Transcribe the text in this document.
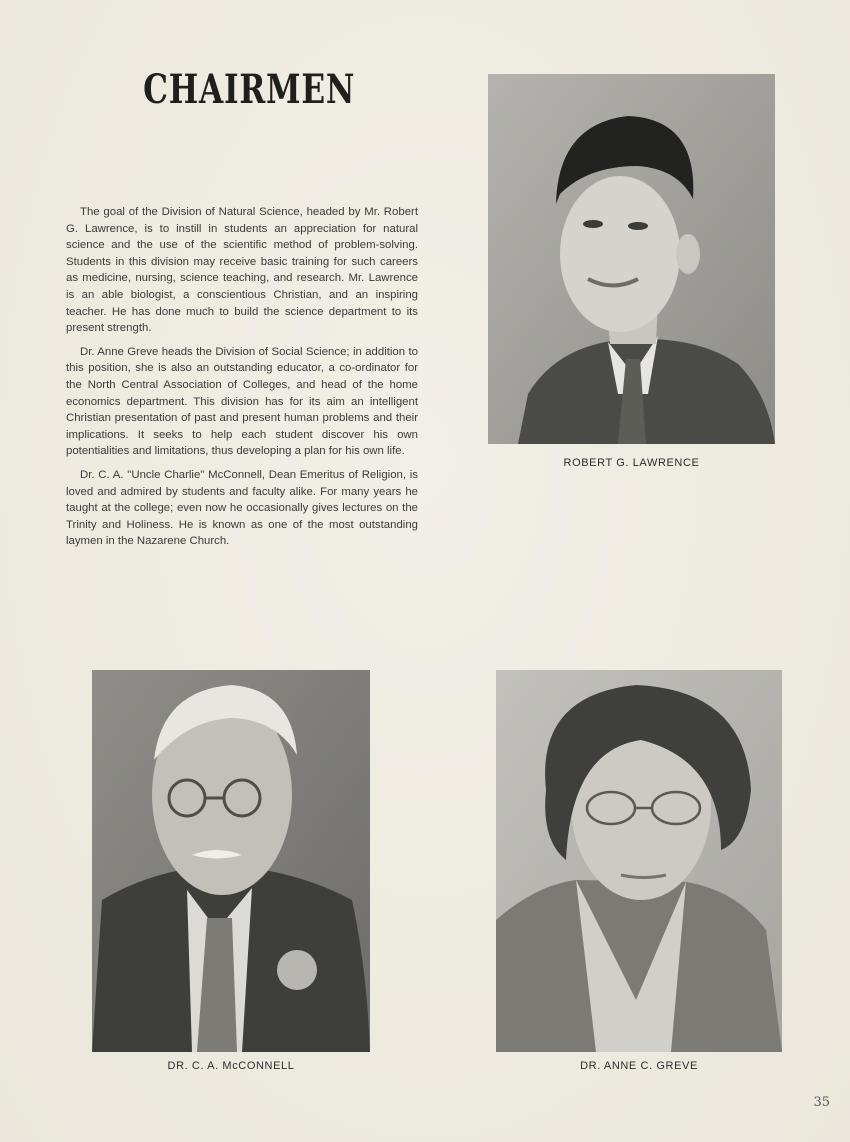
CHAIRMEN

The goal of the Division of Natural Science, headed by Mr. Robert G. Lawrence, is to instill in students an appreciation for natural science and the use of the scientific method of problem-solving. Students in this division may receive basic training for such careers as medicine, nursing, science teaching, and research. Mr. Lawrence is an able biologist, a conscientious Christian, and an inspiring teacher. He has done much to build the science department to its present strength.

Dr. Anne Greve heads the Division of Social Science; in addition to this position, she is also an outstanding educator, a co-ordinator for the North Central Association of Colleges, and head of the home economics department. This division has for its aim an intelligent Christian presentation of past and present human problems and their implications. It seeks to help each student discover his own potentialities and limitations, thus developing a plan for his own life.

Dr. C. A. "Uncle Charlie" McConnell, Dean Emeritus of Religion, is loved and admired by students and faculty alike. For many years he taught at the college; even now he occasionally gives lectures on the Trinity and Holiness. He is known as one of the most outstanding laymen in the Nazarene Church.

ROBERT G. LAWRENCE
DR. C. A. McCONNELL	DR. ANNE C. GREVE
35
